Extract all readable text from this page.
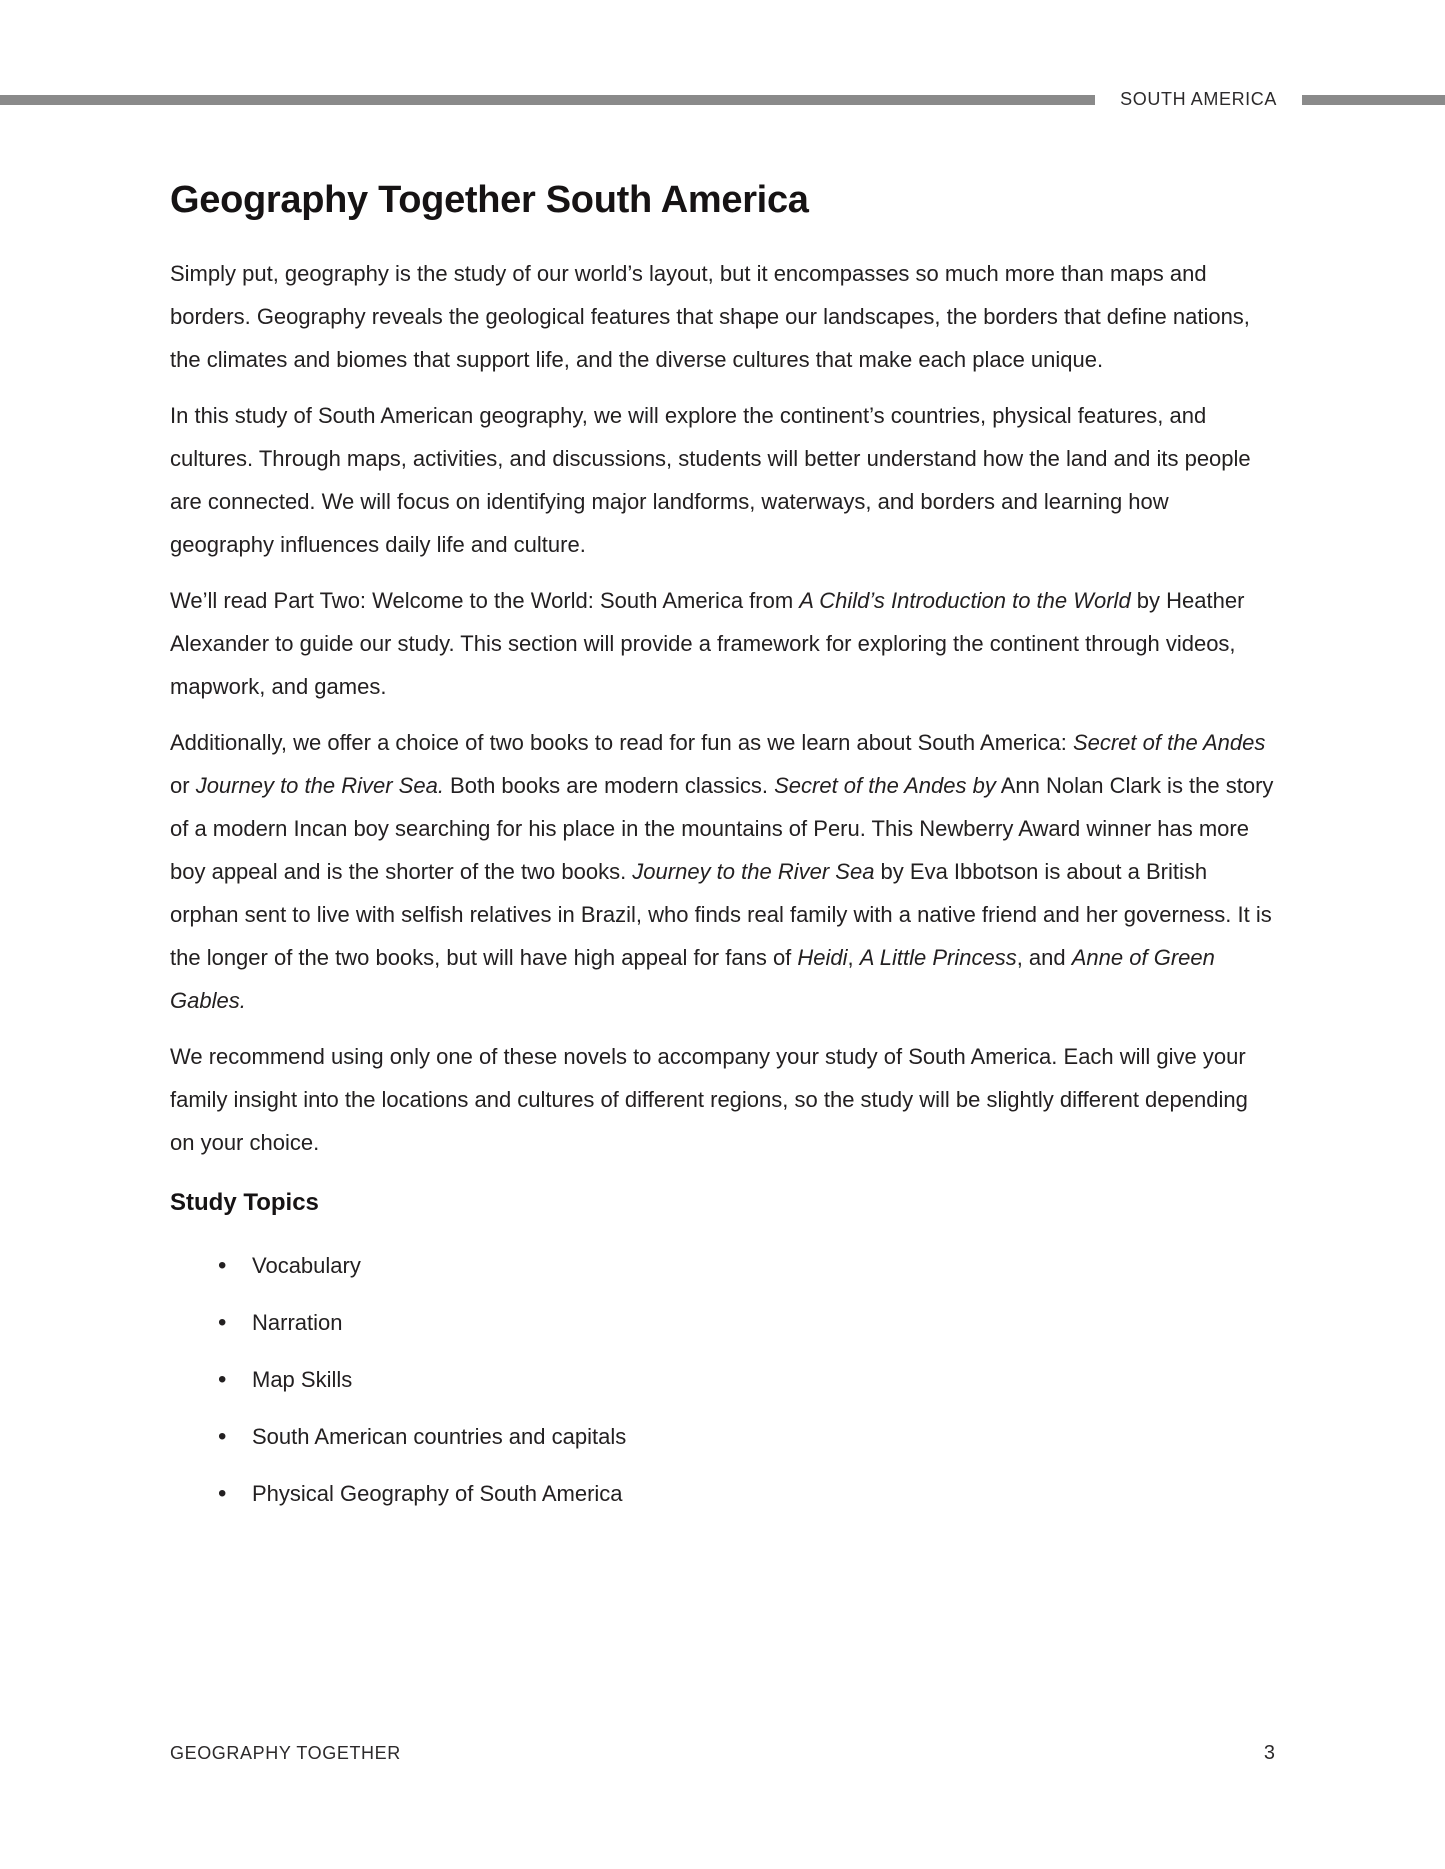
SOUTH AMERICA
Geography Together South America

Simply put, geography is the study of our world’s layout, but it encompasses so much more than maps and borders. Geography reveals the geological features that shape our landscapes, the borders that define nations, the climates and biomes that support life, and the diverse cultures that make each place unique.

In this study of South American geography, we will explore the continent’s countries, physical features, and cultures. Through maps, activities, and discussions, students will better understand how the land and its people are connected. We will focus on identifying major landforms, waterways, and borders and learning how geography influences daily life and culture.

We’ll read Part Two: Welcome to the World: South America from A Child’s Introduction to the World by Heather Alexander to guide our study. This section will provide a framework for exploring the continent through videos, mapwork, and games.

Additionally, we offer a choice of two books to read for fun as we learn about South America: Secret of the Andes or Journey to the River Sea. Both books are modern classics. Secret of the Andes by Ann Nolan Clark is the story of a modern Incan boy searching for his place in the mountains of Peru. This Newberry Award winner has more boy appeal and is the shorter of the two books. Journey to the River Sea by Eva Ibbotson is about a British orphan sent to live with selfish relatives in Brazil, who finds real family with a native friend and her governess. It is the longer of the two books, but will have high appeal for fans of Heidi, A Little Princess, and Anne of Green Gables.

We recommend using only one of these novels to accompany your study of South America. Each will give your family insight into the locations and cultures of different regions, so the study will be slightly different depending on your choice.

Study Topics
• Vocabulary
• Narration
• Map Skills
• South American countries and capitals
• Physical Geography of South America
GEOGRAPHY TOGETHER	3
